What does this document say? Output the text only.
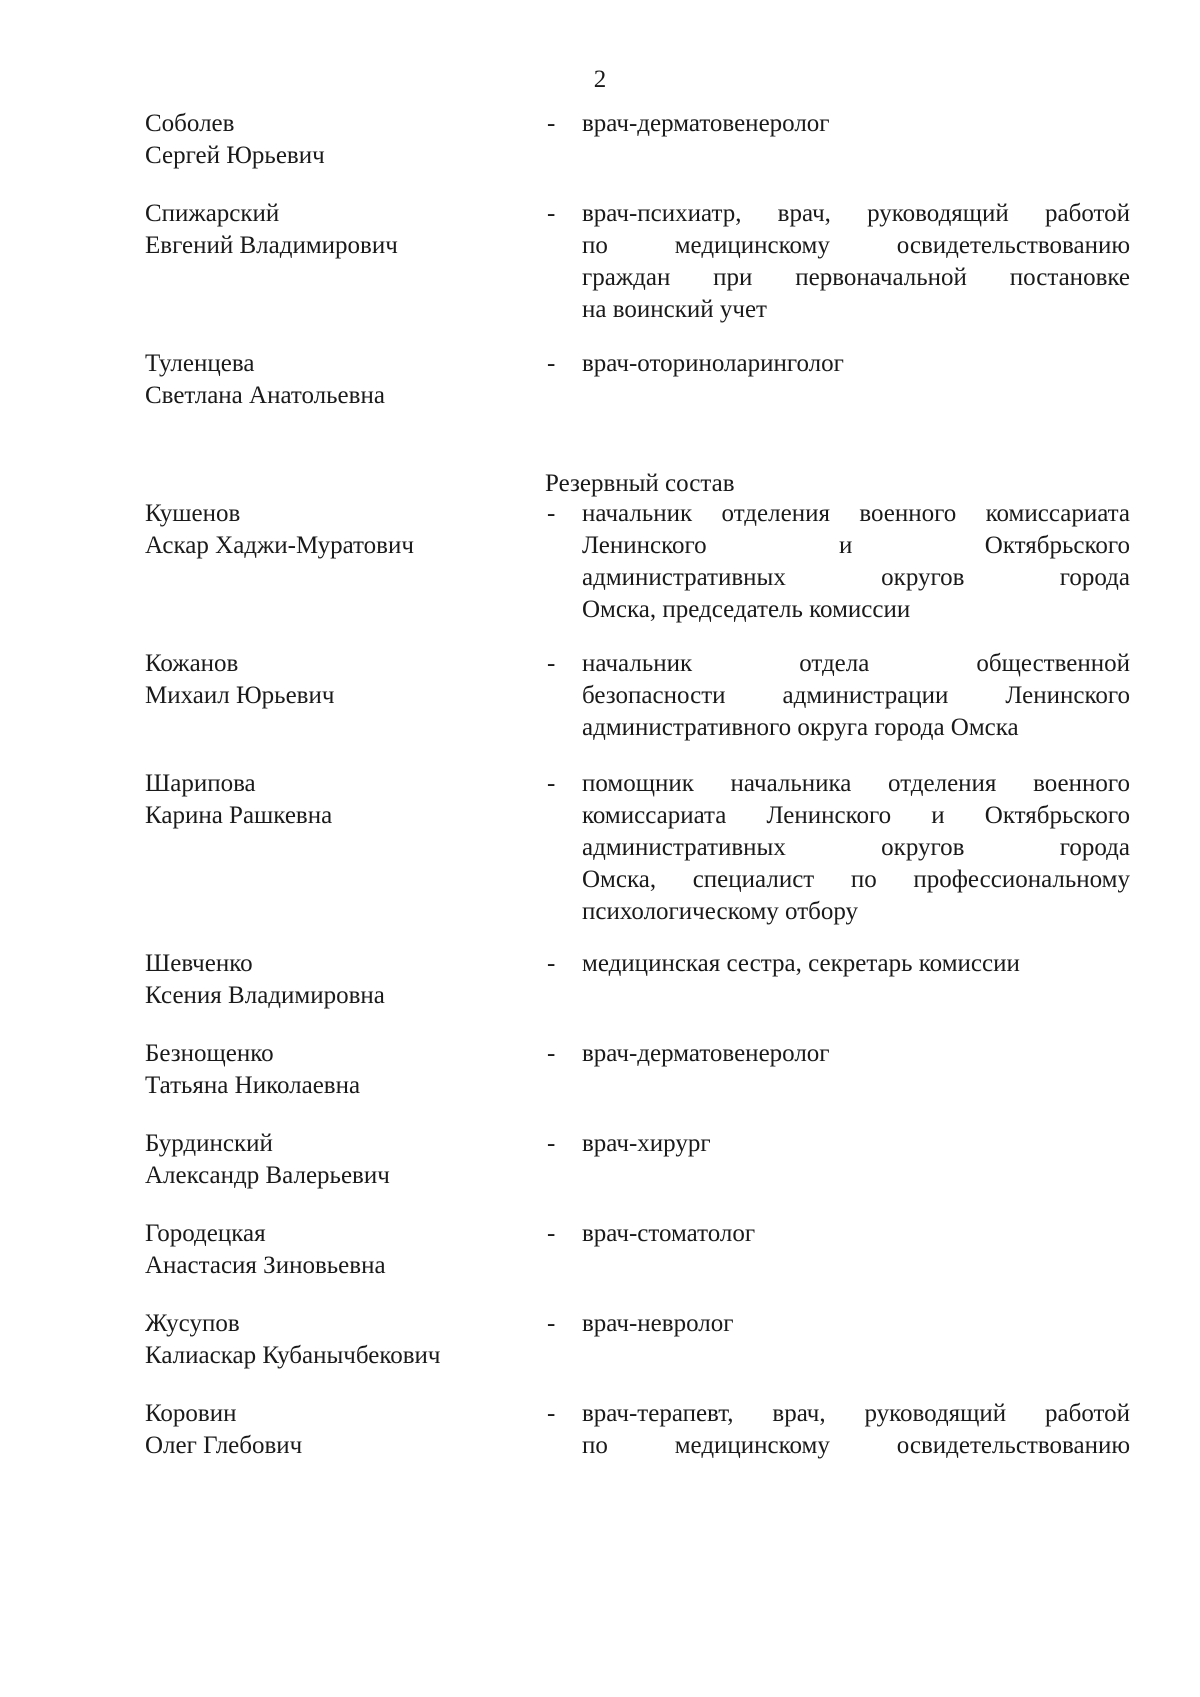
2
Резервный состав
Соболев
Сергей Юрьевич
- врач-дерматовенеролог
Спижарский
Евгений Владимирович
- врач-психиатр, врач, руководящий работой
по медицинскому освидетельствованию
граждан при первоначальной постановке
на воинский учет
Туленцева
Светлана Анатольевна
- врач-оториноларинголог
Кушенов
Аскар Хаджи-Муратович
- начальник отделения военного комиссариата
Ленинского и Октябрьского
административных округов города
Омска, председатель комиссии
Кожанов
Михаил Юрьевич
- начальник отдела общественной
безопасности администрации Ленинского
административного округа города Омска
Шарипова
Карина Рашкевна
- помощник начальника отделения военного
комиссариата Ленинского и Октябрьского
административных округов города
Омска, специалист по профессиональному
психологическому отбору
Шевченко
Ксения Владимировна
- медицинская сестра, секретарь комиссии
Безнощенко
Татьяна Николаевна
- врач-дерматовенеролог
Бурдинский
Александр Валерьевич
- врач-хирург
Городецкая
Анастасия Зиновьевна
- врач-стоматолог
Жусупов
Калиаскар Кубанычбекович
- врач-невролог
Коровин
Олег Глебович
- врач-терапевт, врач, руководящий работой
по медицинскому освидетельствованию
